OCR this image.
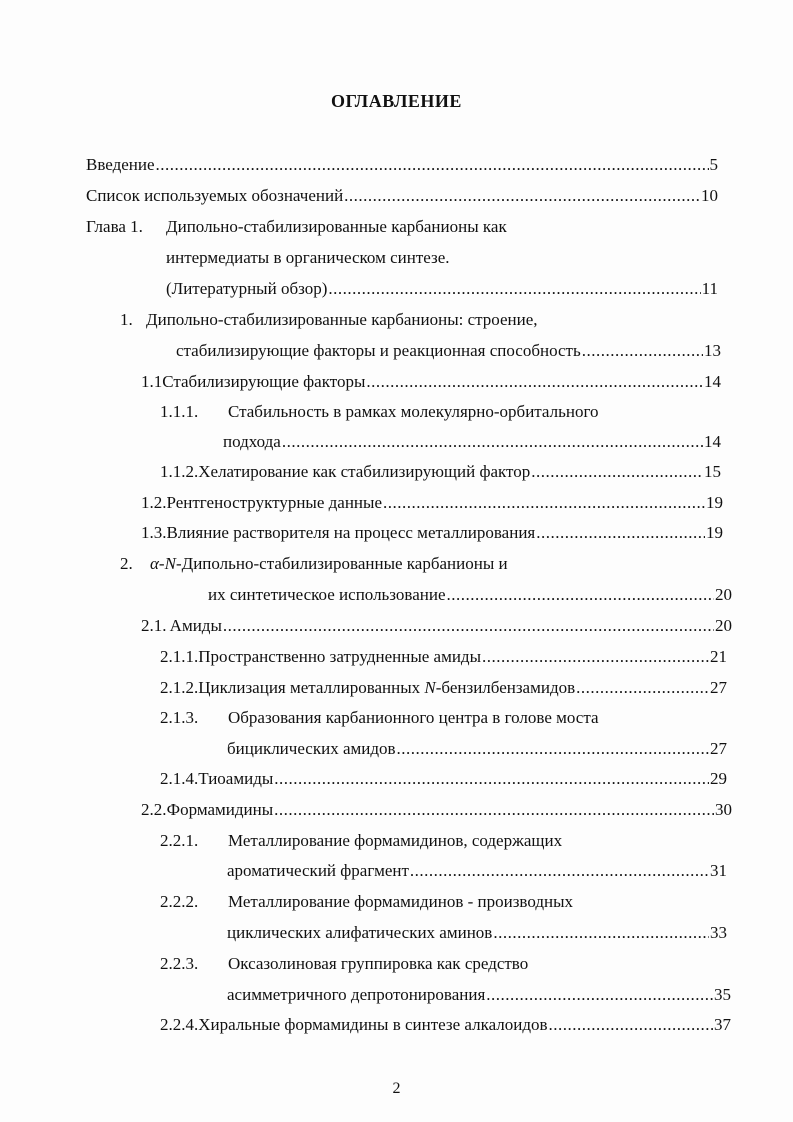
ОГЛАВЛЕНИЕ
Введение .....	5
Список используемых обозначений .....	10
Глава 1.	Дипольно-стабилизированные карбанионы как
интермедиаты в органическом синтезе.
(Литературный обзор) .....	11
1. Дипольно-стабилизированные карбанионы: строение,
стабилизирующие факторы и реакционная способность .....	13
1.1 Стабилизирующие факторы .....	14
1.1.1.	Стабильность в рамках молекулярно-орбитального
подхода .....	14
1.1.2. Хелатирование как стабилизирующий фактор .....	15
1.2. Рентгеноструктурные данные .....	19
1.3. Влияние растворителя на процесс металлирования .....	19
2.	α-N -Дипольно-стабилизированные карбанионы и
их синтетическое использование .....	20
2.1. Амиды .....	20
2.1.1. Пространственно затрудненные амиды .....	21
2.1.2. Циклизация металлированных N -бензилбензамидов .....	27
2.1.3.	Образования карбанионного центра в голове моста
бициклических амидов .....	27
2.1.4. Тиоамиды .....	29
2.2. Формамидины .....	30
2.2.1.	Металлирование формамидинов, содержащих
ароматический фрагмент .....	31
2.2.2.	Металлирование формамидинов - производных
циклических алифатических аминов .....	33
2.2.3.	Оксазолиновая группировка как средство
асимметричного депротонирования .....	35
2.2.4. Хиральные формамидины в синтезе алкалоидов .....	37
2
